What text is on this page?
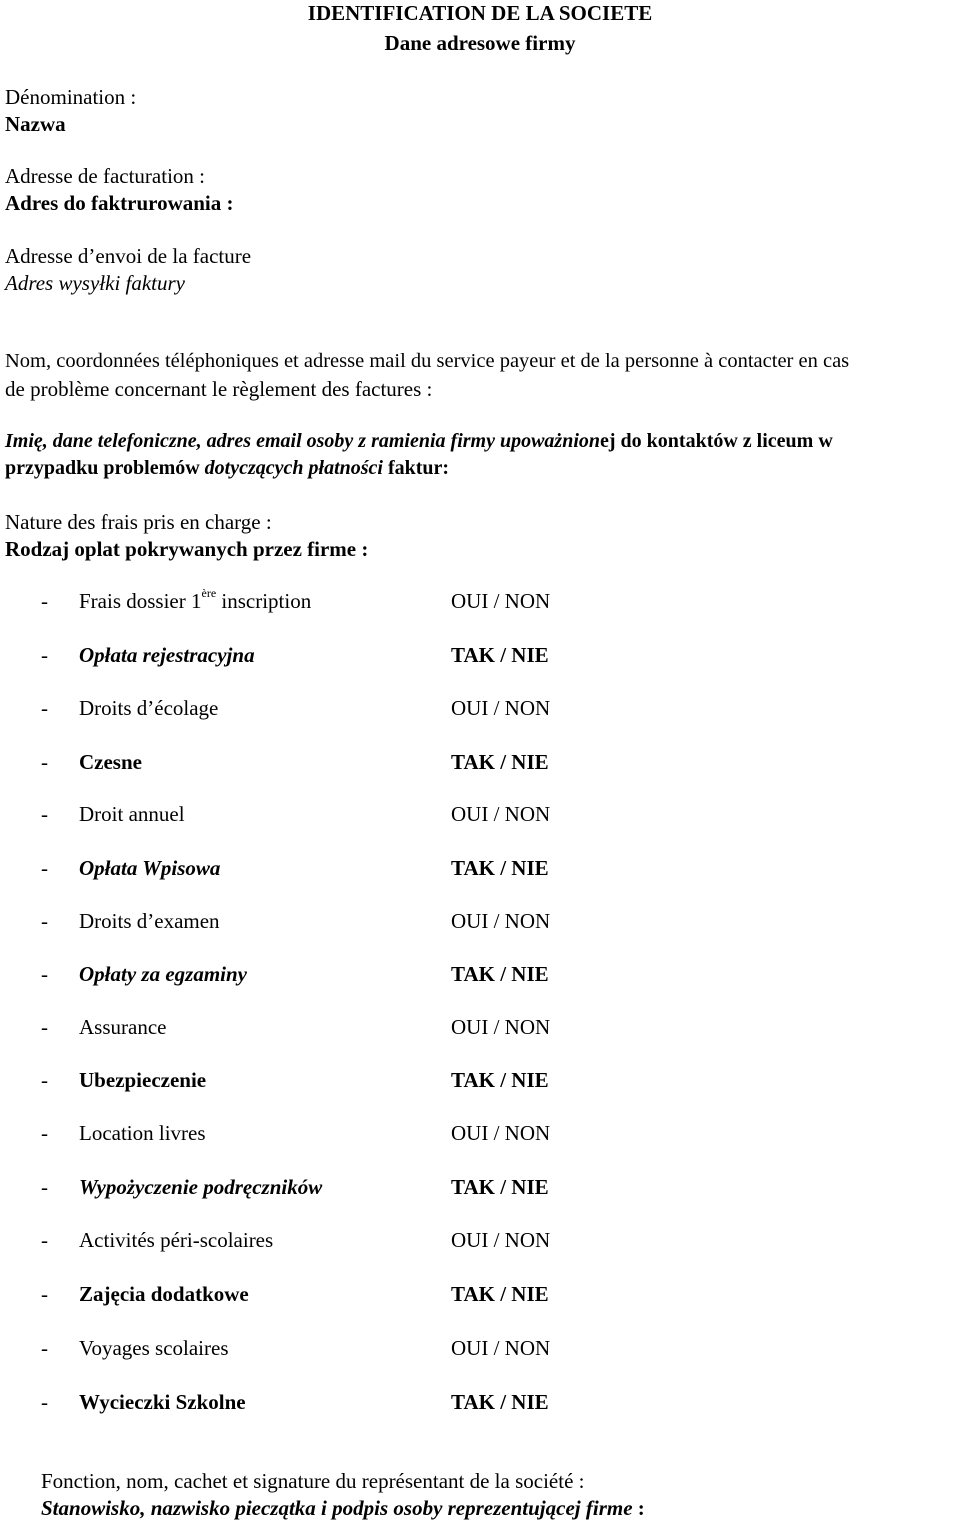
IDENTIFICATION DE LA SOCIETE
Dane adresowe firmy
Dénomination :
Nazwa
Adresse de facturation :
Adres do faktrurowania :
Adresse d’envoi de la facture
Adres wysyłki faktury
Nom, coordonnées téléphoniques et adresse mail du service payeur et de la personne à contacter en cas
de problème concernant le règlement des factures :
Imię, dane telefoniczne, adres email osoby z ramienia firmy upoważnionej do kontaktów z liceum w
przypadku problemów dotyczących płatności faktur:
Nature des frais pris en charge :
Rodzaj oplat pokrywanych przez firme :
- Frais dossier 1ère inscription	OUI / NON
- Opłata rejestracyjna	TAK / NIE
- Droits d’écolage	OUI / NON
- Czesne	TAK / NIE
- Droit annuel	OUI / NON
- Opłata Wpisowa	TAK / NIE
- Droits d’examen	OUI / NON
- Opłaty za egzaminy	TAK / NIE
- Assurance	OUI / NON
- Ubezpieczenie	TAK / NIE
- Location livres	OUI / NON
- Wypożyczenie podręczników	TAK / NIE
- Activités péri-scolaires	OUI / NON
- Zajęcia dodatkowe	TAK / NIE
- Voyages scolaires	OUI / NON
- Wycieczki Szkolne	TAK / NIE
Fonction, nom, cachet et signature du représentant de la société :
Stanowisko, nazwisko pieczątka i podpis osoby reprezentującej firme :
